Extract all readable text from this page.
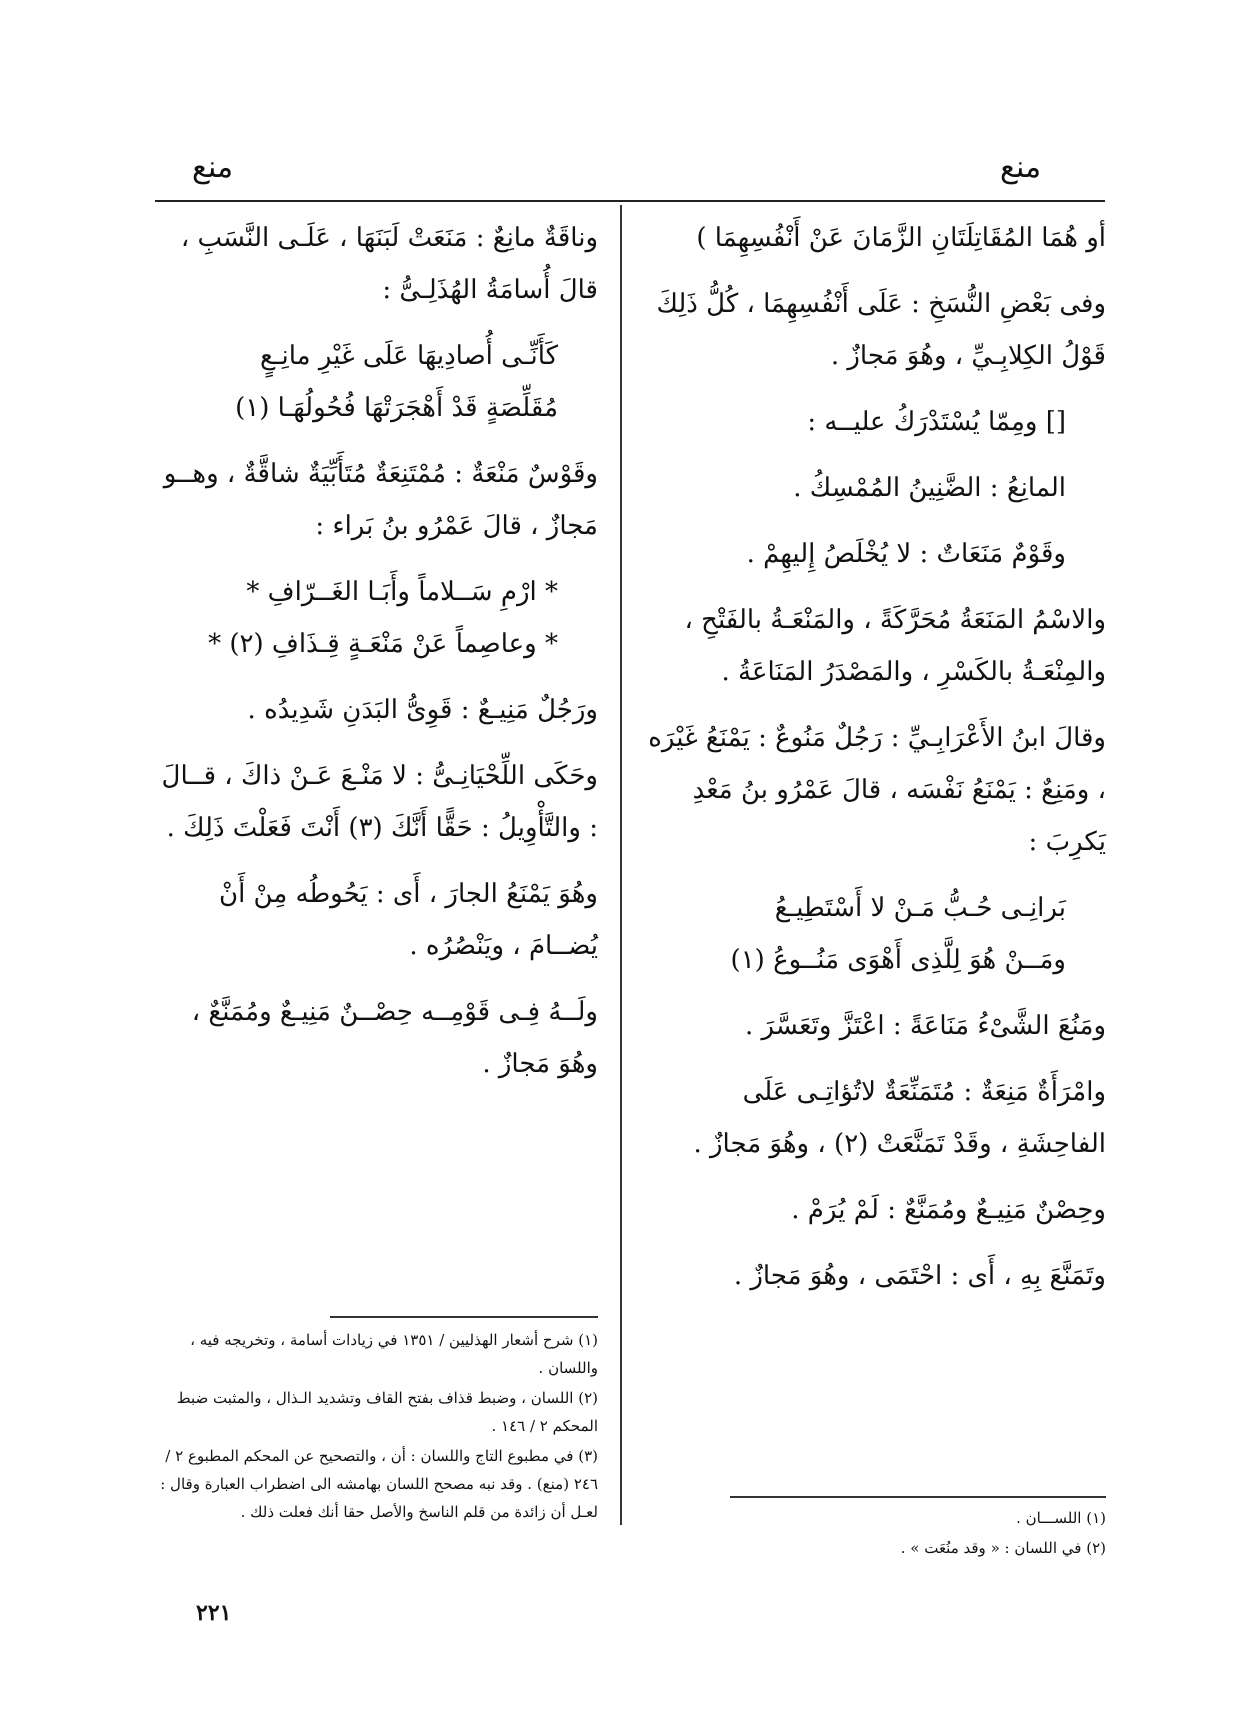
منع
منع

أو هُمَا المُقَاتِلَتَانِ الزَّمَانَ عَنْ أَنْفُسِهِمَا )

وفى بَعْضِ النُّسَخِ : عَلَى أَنْفُسِهِمَا ، كُلُّ ذَلِكَ قَوْلُ الكِلابِـيِّ ، وهُوَ مَجازٌ .

[] ومِمّا يُسْتَدْرَكُ عليــه :

المانِعُ : الضَّنِينُ المُمْسِكُ .

وقَوْمٌ مَنَعَاتٌ : لا يُخْلَصُ إِليهِمْ .

والاسْمُ المَنَعَةُ مُحَرَّكَةً ، والمَنْعَـةُ بالفَتْحِ ، والمِنْعَـةُ بالكَسْرِ ، والمَصْدَرُ المَنَاعَةُ .

وقالَ ابنُ الأَعْرَابِـيِّ : رَجُلٌ مَنُوعٌ : يَمْنَعُ غَيْرَه ، ومَنِعٌ : يَمْنَعُ نَفْسَه ، قالَ عَمْرُو بنُ مَعْدِ يَكرِبَ :

بَرانِـى حُـبُّ مَـنْ لا أَسْتَطِيـعُ

ومَــنْ هُوَ لِلَّذِى أَهْوَى مَنُــوعُ (١)

ومَنُعَ الشَّىْءُ مَنَاعَةً : اعْتَزَّ وتَعَسَّرَ .

وامْرَأَةٌ مَنِعَةٌ : مُتَمَنِّعَةٌ لاتُؤاتِـى عَلَى الفاحِشَةِ ، وقَدْ تَمَنَّعَتْ (٢) ، وهُوَ مَجازٌ .

وحِصْنٌ مَنِيـعٌ ومُمَنَّعٌ : لَمْ يُرَمْ .

وتَمَنَّعَ بِهِ ، أَى : احْتَمَى ، وهُوَ مَجازٌ .

وناقَةٌ مانِعٌ : مَنَعَتْ لَبَنَهَا ، عَلَـى النَّسَبِ ، قالَ أُسامَةُ الهُذَلِـىُّ :

كَأَنِّـى أُصادِيهَا عَلَى غَيْرِ مانِـعٍ

مُقَلِّصَةٍ قَدْ أَهْجَرَتْهَا فُحُولُهَـا (١)

وقَوْسٌ مَنْعَةٌ : مُمْتَنِعَةٌ مُتَأَبِّيَةٌ شاقَّةٌ ، وهــو مَجازٌ ، قالَ عَمْرُو بنُ بَراء :

* ارْمِ سَــلاماً وأَبَـا الغَــرّافِ *

* وعاصِماً عَنْ مَنْعَـةٍ قِـذَافِ (٢) *

ورَجُلٌ مَنِيـعٌ : قَوِىُّ البَدَنِ شَدِيدُه .

وحَكَى اللِّحْيَانِـىُّ : لا مَنْـعَ عَـنْ ذاكَ ، قــالَ : والتَّأْوِيلُ : حَقًّا أَنَّكَ (٣) أَنْتَ فَعَلْتَ ذَلِكَ .

وهُوَ يَمْنَعُ الجارَ ، أَى : يَحُوطُه مِنْ أَنْ يُضــامَ ، ويَنْصُرُه .

ولَــهُ فِـى قَوْمِــه حِصْــنٌ مَنِيـعٌ ومُمَنَّعٌ ، وهُوَ مَجازٌ .

(١) اللســـان .
(٢) في اللسان : « وقد منُعَت » .
(١) شرح أشعار الهذليين / ١٣٥١ في زيادات أسامة ، وتخريجه فيه ، واللسان .
(٢) اللسان ، وضبط قذاف بفتح القاف وتشديد الـذال ، والمثبت ضبط المحكم ٢ / ١٤٦ .
(٣) في مطبوع التاج واللسان : أن ، والتصحيح عن المحكم المطبوع ٢ /٢٤٦ (منع) . وقد نبه مصحح اللسان بهامشه الى اضطراب العبارة وقال : لعـل أن زائدة من قلم الناسخ والأصل حقا أنك فعلت ذلك .
٢٢١
